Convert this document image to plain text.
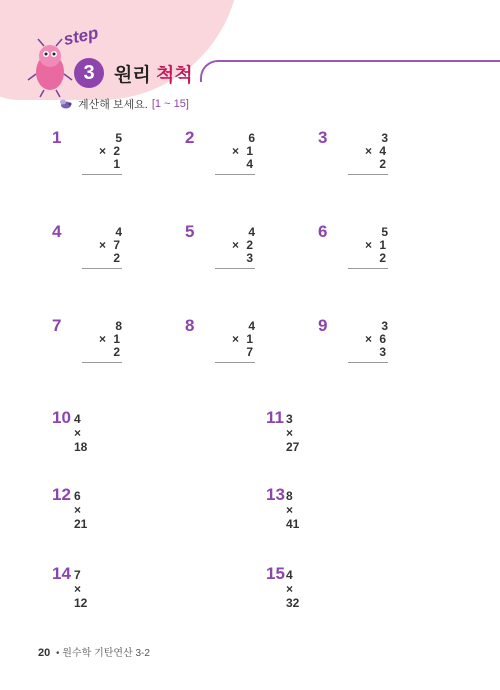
step
3	원리 척척
계산해 보세요. [1 ~ 15]
1	5
× 2 1
2	6
× 1 4
3	3
× 4 2
4	4
× 7 2
5	4
× 2 3
6	5
× 1 2
7	8
× 1 2
8	4
× 1 7
9	3
× 6 3
10 4 × 18
11 3 × 27
12 6 × 21
13 8 × 41
14 7 × 12
15 4 × 32
20 • 원수학 기탄연산 3-2
